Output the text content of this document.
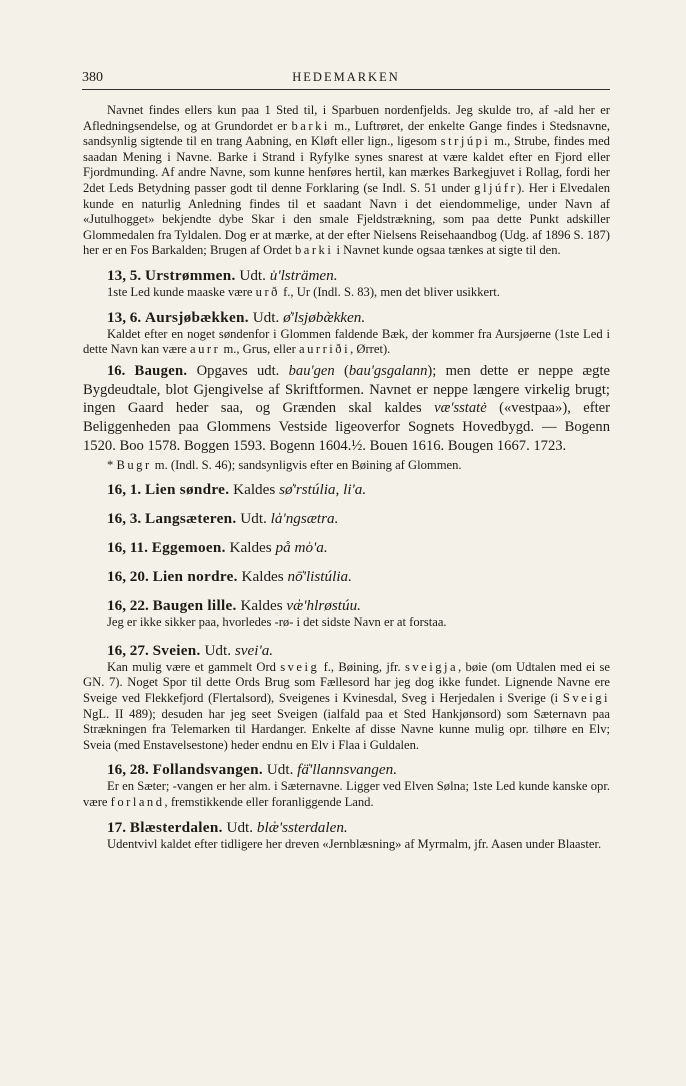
380	HEDEMARKEN

Navnet findes ellers kun paa 1 Sted til, i Sparbuen nordenfjelds. Jeg skulde tro, af -ald her er Afledningsendelse, og at Grundordet er barki m., Luftrøret, der enkelte Gange findes i Stedsnavne, sandsynlig sigtende til en trang Aabning, en Kløft eller lign., ligesom strjúpi m., Strube, findes med saadan Mening i Navne. Barke i Strand i Ryfylke synes snarest at være kaldet efter en Fjord eller Fjordmunding. Af andre Navne, som kunne henføres hertil, kan mærkes Barkegjuvet i Rollag, fordi her 2det Leds Betydning passer godt til denne Forklaring (se Indl. S. 51 under gljúfr). Her i Elvedalen kunde en naturlig Anledning findes til et saadant Navn i det eiendommelige, under Navn af «Jutulhogget» bekjendte dybe Skar i den smale Fjeldstrækning, som paa dette Punkt adskiller Glommedalen fra Tyldalen. Dog er at mærke, at der efter Nielsens Reisehaandbog (Udg. af 1896 S. 187) her er en Fos Barkalden; Brugen af Ordet barki i Navnet kunde ogsaa tænkes at sigte til den.

13, 5. Urstrømmen. Udt. u̍'lsträmen.

1ste Led kunde maaske være urð f., Ur (Indl. S. 83), men det bliver usikkert.

13, 6. Aursjøbækken. Udt. ø̍'lsjøbæ̀kken.

Kaldet efter en noget søndenfor i Glommen faldende Bæk, der kommer fra Aursjøerne (1ste Led i dette Navn kan være aurr m., Grus, eller aurriði, Ørret).

16. Baugen. Opgaves udt. bau'gen (bau'gsgalann); men dette er neppe ægte Bygdeudtale, blot Gjengivelse af Skriftformen. Navnet er neppe længere virkelig brugt; ingen Gaard heder saa, og Grænden skal kaldes væ'sstatė («vestpaa»), efter Beliggenheden paa Glommens Vestside ligeoverfor Sognets Hovedbygd. — Bogenn 1520. Boo 1578. Boggen 1593. Bogenn 1604.½. Bouen 1616. Bougen 1667. 1723.

* Bugr m. (Indl. S. 46); sandsynligvis efter en Bøining af Glommen.

16, 1. Lien søndre. Kaldes sø̍'rstúlia, li'a.
16, 3. Langsæteren. Udt. la̍'ngsætra.
16, 11. Eggemoen. Kaldes på mo̍'a.
16, 20. Lien nordre. Kaldes nō̍'listúlia.
16, 22. Baugen lille. Kaldes væ̍'hlrøstúu.

Jeg er ikke sikker paa, hvorledes -rø- i det sidste Navn er at forstaa.

16, 27. Sveien. Udt. svei'a.

Kan mulig være et gammelt Ord sveig f., Bøining, jfr. sveigja, bøie (om Udtalen med ei se GN. 7). Noget Spor til dette Ords Brug som Fællesord har jeg dog ikke fundet. Lignende Navne ere Sveige ved Flekkefjord (Flertalsord), Sveigenes i Kvinesdal, Sveg i Herjedalen i Sverige (i Sveigi NgL. II 489); desuden har jeg seet Sveigen (ialfald paa et Sted Hankjønsord) som Sæternavn paa Strækningen fra Telemarken til Hardanger. Enkelte af disse Navne kunne mulig opr. tilhøre en Elv; Sveia (med Enstavelsestone) heder endnu en Elv i Flaa i Guldalen.

16, 28. Follandsvangen. Udt. fä̍'llannsvangen.

Er en Sæter; -vangen er her alm. i Sæternavne. Ligger ved Elven Sølna; 1ste Led kunde kanske opr. være forland, fremstikkende eller foranliggende Land.

17. Blæsterdalen. Udt. blæ̍'ssterdalen.

Udentvivl kaldet efter tidligere her dreven «Jernblæsning» af Myrmalm, jfr. Aasen under Blaaster.
